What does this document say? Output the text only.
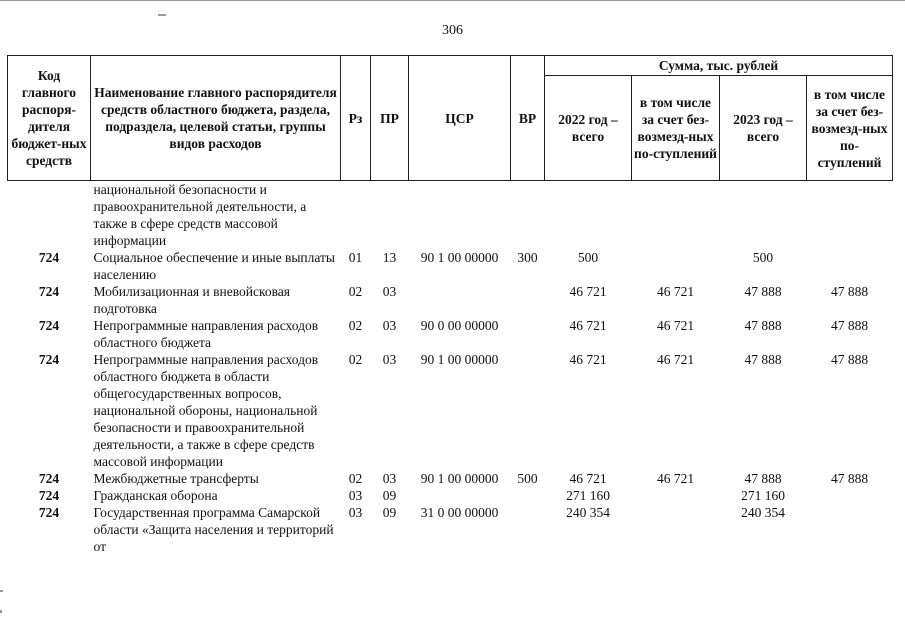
306
Код главного распоря-дителя бюджет-ных средств	Наименование главного распорядителя средств областного бюджета, раздела, подраздела, целевой статьи, группы видов расходов	Рз	ПР	ЦСР	ВР	Сумма, тыс. рублей			
						2022 год – всего	в том числе за счет без-возмезд-ных по-ступлений	2023 год – всего	в том числе за счет без-возмезд-ных по-ступлений
	национальной безопасности и правоохранительной деятельности, а также в сфере средств массовой информации								
724	Социальное обеспечение и иные выплаты населению	01	13	90 1 00 00000	300	500		500	
724	Мобилизационная и вневойсковая подготовка	02	03			46 721	46 721	47 888	47 888
724	Непрограммные направления расходов областного бюджета	02	03	90 0 00 00000		46 721	46 721	47 888	47 888
724	Непрограммные направления расходов областного бюджета в области общегосударственных вопросов, национальной обороны, национальной безопасности и правоохранительной деятельности, а также в сфере средств массовой информации	02	03	90 1 00 00000		46 721	46 721	47 888	47 888
724	Межбюджетные трансферты	02	03	90 1 00 00000	500	46 721	46 721	47 888	47 888
724	Гражданская оборона	03	09			271 160		271 160	
724	Государственная программа Самарской области «Защита населения и территорий от	03	09	31 0 00 00000		240 354		240 354	
